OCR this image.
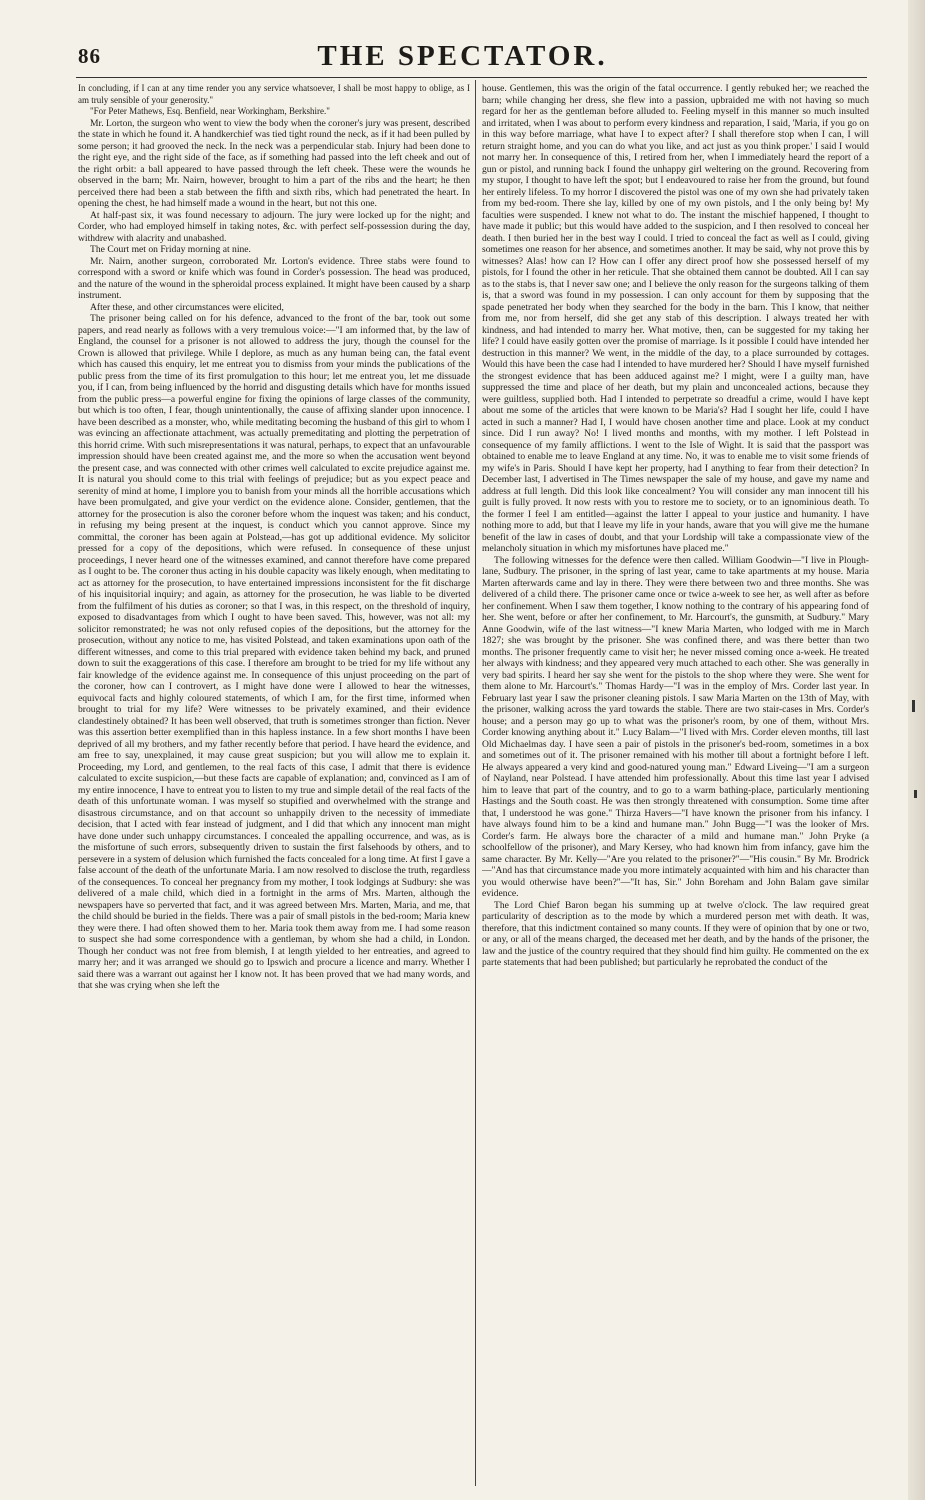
86	THE SPECTATOR.

In concluding, if I can at any time render you any service whatsoever, I shall be most happy to oblige, as I am truly sensible of your generosity."

"For Peter Mathews, Esq. Benfield, near Workingham, Berkshire."

Mr. Lorton, the surgeon who went to view the body when the coroner's jury was present, described the state in which he found it. A handkerchief was tied tight round the neck, as if it had been pulled by some person; it had grooved the neck. In the neck was a perpendicular stab. Injury had been done to the right eye, and the right side of the face, as if something had passed into the left cheek and out of the right orbit: a ball appeared to have passed through the left cheek. These were the wounds he observed in the barn; Mr. Nairn, however, brought to him a part of the ribs and the heart; he then perceived there had been a stab between the fifth and sixth ribs, which had penetrated the heart. In opening the chest, he had himself made a wound in the heart, but not this one.

At half-past six, it was found necessary to adjourn. The jury were locked up for the night; and Corder, who had employed himself in taking notes, &c. with perfect self-possession during the day, withdrew with alacrity and unabashed.

The Court met on Friday morning at nine.

Mr. Nairn, another surgeon, corroborated Mr. Lorton's evidence. Three stabs were found to correspond with a sword or knife which was found in Corder's possession. The head was produced, and the nature of the wound in the spheroidal process explained. It might have been caused by a sharp instrument.

After these, and other circumstances were elicited,

The prisoner being called on for his defence, advanced to the front of the bar, took out some papers, and read nearly as follows with a very tremulous voice:—"I am informed that, by the law of England, the counsel for a prisoner is not allowed to address the jury, though the counsel for the Crown is allowed that privilege. While I deplore, as much as any human being can, the fatal event which has caused this enquiry, let me entreat you to dismiss from your minds the publications of the public press from the time of its first promulgation to this hour; let me entreat you, let me dissuade you, if I can, from being influenced by the horrid and disgusting details which have for months issued from the public press—a powerful engine for fixing the opinions of large classes of the community, but which is too often, I fear, though unintentionally, the cause of affixing slander upon innocence. I have been described as a monster, who, while meditating becoming the husband of this girl to whom I was evincing an affectionate attachment, was actually premeditating and plotting the perpetration of this horrid crime. With such misrepresentations it was natural, perhaps, to expect that an unfavourable impression should have been created against me, and the more so when the accusation went beyond the present case, and was connected with other crimes well calculated to excite prejudice against me. It is natural you should come to this trial with feelings of prejudice; but as you expect peace and serenity of mind at home, I implore you to banish from your minds all the horrible accusations which have been promulgated, and give your verdict on the evidence alone. Consider, gentlemen, that the attorney for the prosecution is also the coroner before whom the inquest was taken; and his conduct, in refusing my being present at the inquest, is conduct which you cannot approve. Since my committal, the coroner has been again at Polstead,—has got up additional evidence. My solicitor pressed for a copy of the depositions, which were refused. In consequence of these unjust proceedings, I never heard one of the witnesses examined, and cannot therefore have come prepared as I ought to be. The coroner thus acting in his double capacity was likely enough, when meditating to act as attorney for the prosecution, to have entertained impressions inconsistent for the fit discharge of his inquisitorial inquiry; and again, as attorney for the prosecution, he was liable to be diverted from the fulfilment of his duties as coroner; so that I was, in this respect, on the threshold of inquiry, exposed to disadvantages from which I ought to have been saved. This, however, was not all: my solicitor remonstrated; he was not only refused copies of the depositions, but the attorney for the prosecution, without any notice to me, has visited Polstead, and taken examinations upon oath of the different witnesses, and come to this trial prepared with evidence taken behind my back, and pruned down to suit the exaggerations of this case. I therefore am brought to be tried for my life without any fair knowledge of the evidence against me. In consequence of this unjust proceeding on the part of the coroner, how can I controvert, as I might have done were I allowed to hear the witnesses, equivocal facts and highly coloured statements, of which I am, for the first time, informed when brought to trial for my life? Were witnesses to be privately examined, and their evidence clandestinely obtained? It has been well observed, that truth is sometimes stronger than fiction. Never was this assertion better exemplified than in this hapless instance. In a few short months I have been deprived of all my brothers, and my father recently before that period. I have heard the evidence, and am free to say, unexplained, it may cause great suspicion; but you will allow me to explain it. Proceeding, my Lord, and gentlemen, to the real facts of this case, I admit that there is evidence calculated to excite suspicion,—but these facts are capable of explanation; and, convinced as I am of my entire innocence, I have to entreat you to listen to my true and simple detail of the real facts of the death of this unfortunate woman. I was myself so stupified and overwhelmed with the strange and disastrous circumstance, and on that account so unhappily driven to the necessity of immediate decision, that I acted with fear instead of judgment, and I did that which any innocent man might have done under such unhappy circumstances. I concealed the appalling occurrence, and was, as is the misfortune of such errors, subsequently driven to sustain the first falsehoods by others, and to persevere in a system of delusion which furnished the facts concealed for a long time. At first I gave a false account of the death of the unfortunate Maria. I am now resolved to disclose the truth, regardless of the consequences. To conceal her pregnancy from my mother, I took lodgings at Sudbury: she was delivered of a male child, which died in a fortnight in the arms of Mrs. Marten, although the newspapers have so perverted that fact, and it was agreed between Mrs. Marten, Maria, and me, that the child should be buried in the fields. There was a pair of small pistols in the bed-room; Maria knew they were there. I had often showed them to her. Maria took them away from me. I had some reason to suspect she had some correspondence with a gentleman, by whom she had a child, in London. Though her conduct was not free from blemish, I at length yielded to her entreaties, and agreed to marry her; and it was arranged we should go to Ipswich and procure a licence and marry. Whether I said there was a warrant out against her I know not. It has been proved that we had many words, and that she was crying when she left the

house. Gentlemen, this was the origin of the fatal occurrence. I gently rebuked her; we reached the barn; while changing her dress, she flew into a passion, upbraided me with not having so much regard for her as the gentleman before alluded to. Feeling myself in this manner so much insulted and irritated, when I was about to perform every kindness and reparation, I said, 'Maria, if you go on in this way before marriage, what have I to expect after? I shall therefore stop when I can, I will return straight home, and you can do what you like, and act just as you think proper.' I said I would not marry her. In consequence of this, I retired from her, when I immediately heard the report of a gun or pistol, and running back I found the unhappy girl weltering on the ground. Recovering from my stupor, I thought to have left the spot; but I endeavoured to raise her from the ground, but found her entirely lifeless. To my horror I discovered the pistol was one of my own she had privately taken from my bed-room. There she lay, killed by one of my own pistols, and I the only being by! My faculties were suspended. I knew not what to do. The instant the mischief happened, I thought to have made it public; but this would have added to the suspicion, and I then resolved to conceal her death. I then buried her in the best way I could. I tried to conceal the fact as well as I could, giving sometimes one reason for her absence, and sometimes another. It may be said, why not prove this by witnesses? Alas! how can I? How can I offer any direct proof how she possessed herself of my pistols, for I found the other in her reticule. That she obtained them cannot be doubted. All I can say as to the stabs is, that I never saw one; and I believe the only reason for the surgeons talking of them is, that a sword was found in my possession. I can only account for them by supposing that the spade penetrated her body when they searched for the body in the barn. This I know, that neither from me, nor from herself, did she get any stab of this description. I always treated her with kindness, and had intended to marry her. What motive, then, can be suggested for my taking her life? I could have easily gotten over the promise of marriage. Is it possible I could have intended her destruction in this manner? We went, in the middle of the day, to a place surrounded by cottages. Would this have been the case had I intended to have murdered her? Should I have myself furnished the strongest evidence that has been adduced against me? I might, were I a guilty man, have suppressed the time and place of her death, but my plain and unconcealed actions, because they were guiltless, supplied both. Had I intended to perpetrate so dreadful a crime, would I have kept about me some of the articles that were known to be Maria's? Had I sought her life, could I have acted in such a manner? Had I, I would have chosen another time and place. Look at my conduct since. Did I run away? No! I lived months and months, with my mother. I left Polstead in consequence of my family afflictions. I went to the Isle of Wight. It is said that the passport was obtained to enable me to leave England at any time. No, it was to enable me to visit some friends of my wife's in Paris. Should I have kept her property, had I anything to fear from their detection? In December last, I advertised in The Times newspaper the sale of my house, and gave my name and address at full length. Did this look like concealment? You will consider any man innocent till his guilt is fully proved. It now rests with you to restore me to society, or to an ignominious death. To the former I feel I am entitled—against the latter I appeal to your justice and humanity. I have nothing more to add, but that I leave my life in your hands, aware that you will give me the humane benefit of the law in cases of doubt, and that your Lordship will take a compassionate view of the melancholy situation in which my misfortunes have placed me."

The following witnesses for the defence were then called. William Goodwin—"I live in Plough-lane, Sudbury. The prisoner, in the spring of last year, came to take apartments at my house. Maria Marten afterwards came and lay in there. They were there between two and three months. She was delivered of a child there. The prisoner came once or twice a-week to see her, as well after as before her confinement. When I saw them together, I know nothing to the contrary of his appearing fond of her. She went, before or after her confinement, to Mr. Harcourt's, the gunsmith, at Sudbury." Mary Anne Goodwin, wife of the last witness—"I knew Maria Marten, who lodged with me in March 1827; she was brought by the prisoner. She was confined there, and was there better than two months. The prisoner frequently came to visit her; he never missed coming once a-week. He treated her always with kindness; and they appeared very much attached to each other. She was generally in very bad spirits. I heard her say she went for the pistols to the shop where they were. She went for them alone to Mr. Harcourt's." Thomas Hardy—"I was in the employ of Mrs. Corder last year. In February last year I saw the prisoner cleaning pistols. I saw Maria Marten on the 13th of May, with the prisoner, walking across the yard towards the stable. There are two stair-cases in Mrs. Corder's house; and a person may go up to what was the prisoner's room, by one of them, without Mrs. Corder knowing anything about it." Lucy Balam—"I lived with Mrs. Corder eleven months, till last Old Michaelmas day. I have seen a pair of pistols in the prisoner's bed-room, sometimes in a box and sometimes out of it. The prisoner remained with his mother till about a fortnight before I left. He always appeared a very kind and good-natured young man." Edward Liveing—"I am a surgeon of Nayland, near Polstead. I have attended him professionally. About this time last year I advised him to leave that part of the country, and to go to a warm bathing-place, particularly mentioning Hastings and the South coast. He was then strongly threatened with consumption. Some time after that, I understood he was gone." Thirza Havers—"I have known the prisoner from his infancy. I have always found him to be a kind and humane man." John Bugg—"I was the looker of Mrs. Corder's farm. He always bore the character of a mild and humane man." John Pryke (a schoolfellow of the prisoner), and Mary Kersey, who had known him from infancy, gave him the same character. By Mr. Kelly—"Are you related to the prisoner?"—"His cousin." By Mr. Brodrick—"And has that circumstance made you more intimately acquainted with him and his character than you would otherwise have been?"—"It has, Sir." John Boreham and John Balam gave similar evidence.

The Lord Chief Baron began his summing up at twelve o'clock. The law required great particularity of description as to the mode by which a murdered person met with death. It was, therefore, that this indictment contained so many counts. If they were of opinion that by one or two, or any, or all of the means charged, the deceased met her death, and by the hands of the prisoner, the law and the justice of the country required that they should find him guilty. He commented on the ex parte statements that had been published; but particularly he reprobated the conduct of the
